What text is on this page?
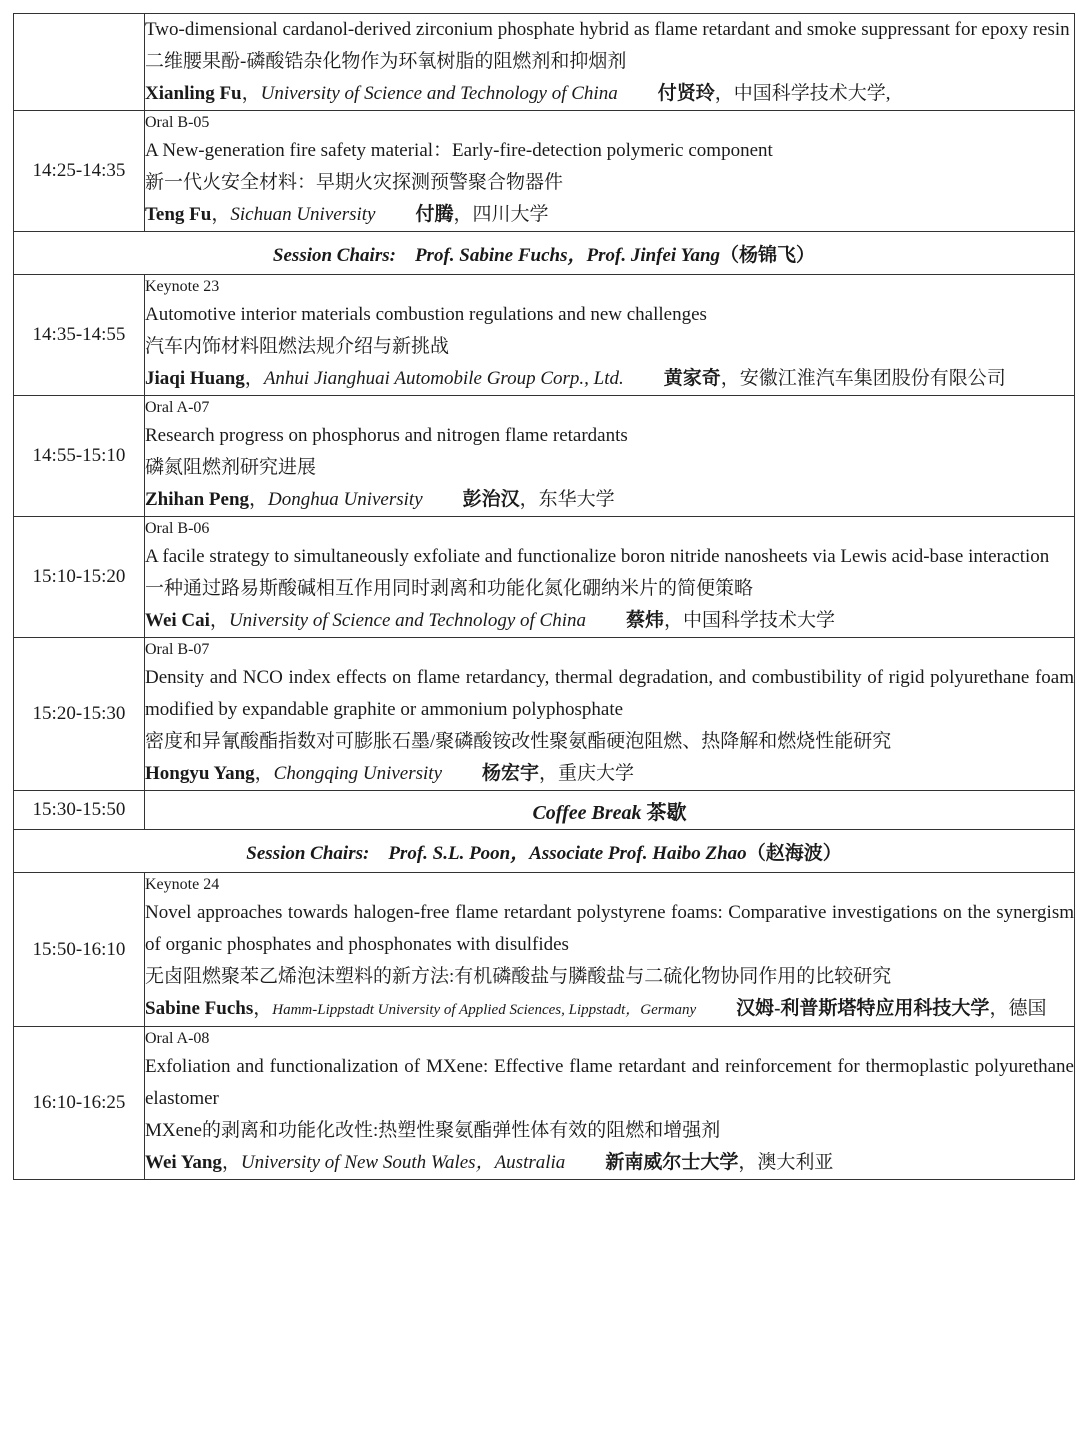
	Two-dimensional cardanol-derived zirconium phosphate hybrid as flame retardant and smoke suppressant for epoxy resin
二维腰果酚-磷酸锆杂化物作为环氧树脂的阻燃剂和抑烟剂
Xianling Fu，University of Science and Technology of China 付贤玲，中国科学技术大学,

14:25-14:35	Oral B-05
A New-generation fire safety material：Early-fire-detection polymeric component
新一代火安全材料：早期火灾探测预警聚合物器件
Teng Fu，Sichuan University 付腾，四川大学

Session Chairs:　Prof. Sabine Fuchs，Prof. Jinfei Yang（杨锦飞）	
14:35-14:55	Keynote 23
Automotive interior materials combustion regulations and new challenges
汽车内饰材料阻燃法规介绍与新挑战
Jiaqi Huang，Anhui Jianghuai Automobile Group Corp., Ltd. 黄家奇，安徽江淮汽车集团股份有限公司

14:55-15:10	Oral A-07
Research progress on phosphorus and nitrogen flame retardants
磷氮阻燃剂研究进展
Zhihan Peng，Donghua University 彭治汉，东华大学

15:10-15:20	Oral B-06
A facile strategy to simultaneously exfoliate and functionalize boron nitride nanosheets via Lewis acid-base interaction
一种通过路易斯酸碱相互作用同时剥离和功能化氮化硼纳米片的简便策略
Wei Cai，University of Science and Technology of China 蔡炜，中国科学技术大学

15:20-15:30	Oral B-07
Density and NCO index effects on flame retardancy, thermal degradation, and combustibility of rigid polyurethane foam modified by expandable graphite or ammonium polyphosphate
密度和异氰酸酯指数对可膨胀石墨/聚磷酸铵改性聚氨酯硬泡阻燃、热降解和燃烧性能研究
Hongyu Yang，Chongqing University 杨宏宇，重庆大学

15:30-15:50	Coffee Break 茶歇
Session Chairs:　Prof. S.L. Poon，Associate Prof. Haibo Zhao（赵海波）	
15:50-16:10	Keynote 24
Novel approaches towards halogen-free flame retardant polystyrene foams: Comparative investigations on the synergism of organic phosphates and phosphonates with disulfides
无卤阻燃聚苯乙烯泡沫塑料的新方法:有机磷酸盐与膦酸盐与二硫化物协同作用的比较研究
Sabine Fuchs，Hamm-Lippstadt University of Applied Sciences, Lippstadt，Germany 汉姆-利普斯塔特应用科技大学，德国

16:10-16:25	Oral A-08
Exfoliation and functionalization of MXene: Effective flame retardant and reinforcement for thermoplastic polyurethane elastomer
MXene的剥离和功能化改性:热塑性聚氨酯弹性体有效的阻燃和增强剂
Wei Yang，University of New South Wales，Australia 新南威尔士大学，澳大利亚
